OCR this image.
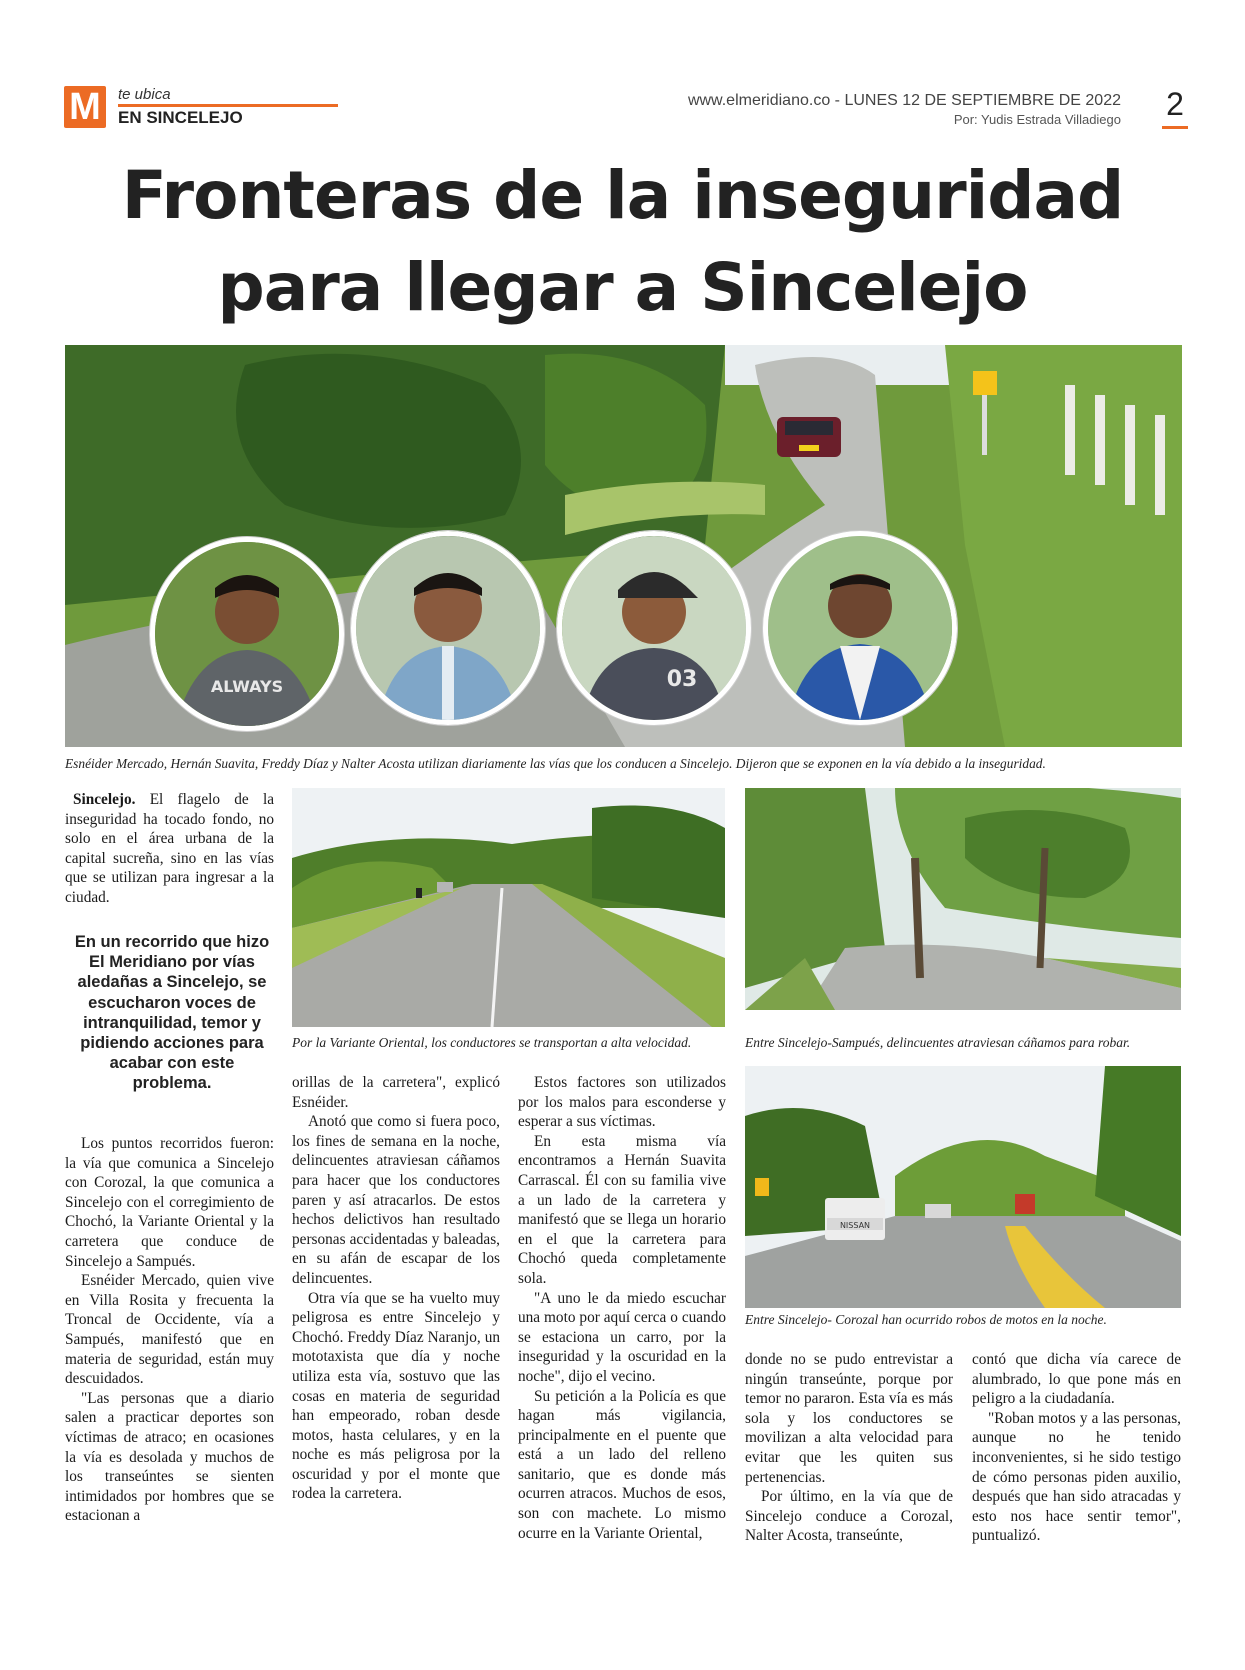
M	te ubica
EN SINCELEJO
www.elmeridiano.co - LUNES 12 DE SEPTIEMBRE DE 2022
Por: Yudis Estrada Villadiego 2
Fronteras de la inseguridad
para llegar a Sincelejo
ALWAYS	03
Esnéider Mercado, Hernán Suavita, Freddy Díaz y Nalter Acosta utilizan diariamente las vías que los conducen a Sincelejo. Dijeron que se exponen en la vía debido a la inseguridad.
Por la Variante Oriental, los conductores se transportan a alta velocidad.	Entre Sincelejo-Sampués, delincuentes atraviesan cáñamos para robar.
NISSAN
Entre Sincelejo- Corozal han ocurrido robos de motos en la noche.

Sincelejo. El flagelo de la inseguridad ha tocado fondo, no solo en el área urbana de la capital sucreña, sino en las vías que se utilizan para ingresar a la ciudad.

En un recorrido que hizo El Meridiano por vías aledañas a Sincelejo, se escucharon voces de intranquilidad, temor y pidiendo acciones para acabar con este problema.

Los puntos recorridos fueron: la vía que comunica a Sincelejo con Corozal, la que comunica a Sincelejo con el corregimiento de Chochó, la Variante Oriental y la carretera que conduce de Sincelejo a Sampués.

Esnéider Mercado, quien vive en Villa Rosita y frecuenta la Troncal de Occidente, vía a Sampués, manifestó que en materia de seguridad, están muy descuidados.

"Las personas que a diario salen a practicar deportes son víctimas de atraco; en ocasiones la vía es desolada y muchos de los transeúntes se sienten intimidados por hombres que se estacionan a

orillas de la carretera", explicó Esnéider.

Anotó que como si fuera poco, los fines de semana en la noche, delincuentes atraviesan cáñamos para hacer que los conductores paren y así atracarlos. De estos hechos delictivos han resultado personas accidentadas y baleadas, en su afán de escapar de los delincuentes.

Otra vía que se ha vuelto muy peligrosa es entre Sincelejo y Chochó. Freddy Díaz Naranjo, un mototaxista que día y noche utiliza esta vía, sostuvo que las cosas en materia de seguridad han empeorado, roban desde motos, hasta celulares, y en la noche es más peligrosa por la oscuridad y por el monte que rodea la carretera.

Estos factores son utilizados por los malos para esconderse y esperar a sus víctimas.

En esta misma vía encontramos a Hernán Suavita Carrascal. Él con su familia vive a un lado de la carretera y manifestó que se llega un horario en el que la carretera para Chochó queda completamente sola.

"A uno le da miedo escuchar una moto por aquí cerca o cuando se estaciona un carro, por la inseguridad y la oscuridad en la noche", dijo el vecino.

Su petición a la Policía es que hagan más vigilancia, principalmente en el puente que está a un lado del relleno sanitario, que es donde más ocurren atracos. Muchos de esos, son con machete. Lo mismo ocurre en la Variante Oriental,

donde no se pudo entrevistar a ningún transeúnte, porque por temor no pararon. Esta vía es más sola y los conductores se movilizan a alta velocidad para evitar que les quiten sus pertenencias.

Por último, en la vía que de Sincelejo conduce a Corozal, Nalter Acosta, transeúnte,

contó que dicha vía carece de alumbrado, lo que pone más en peligro a la ciudadanía.

"Roban motos y a las personas, aunque no he tenido inconvenientes, si he sido testigo de cómo personas piden auxilio, después que han sido atracadas y esto nos hace sentir temor", puntualizó.
